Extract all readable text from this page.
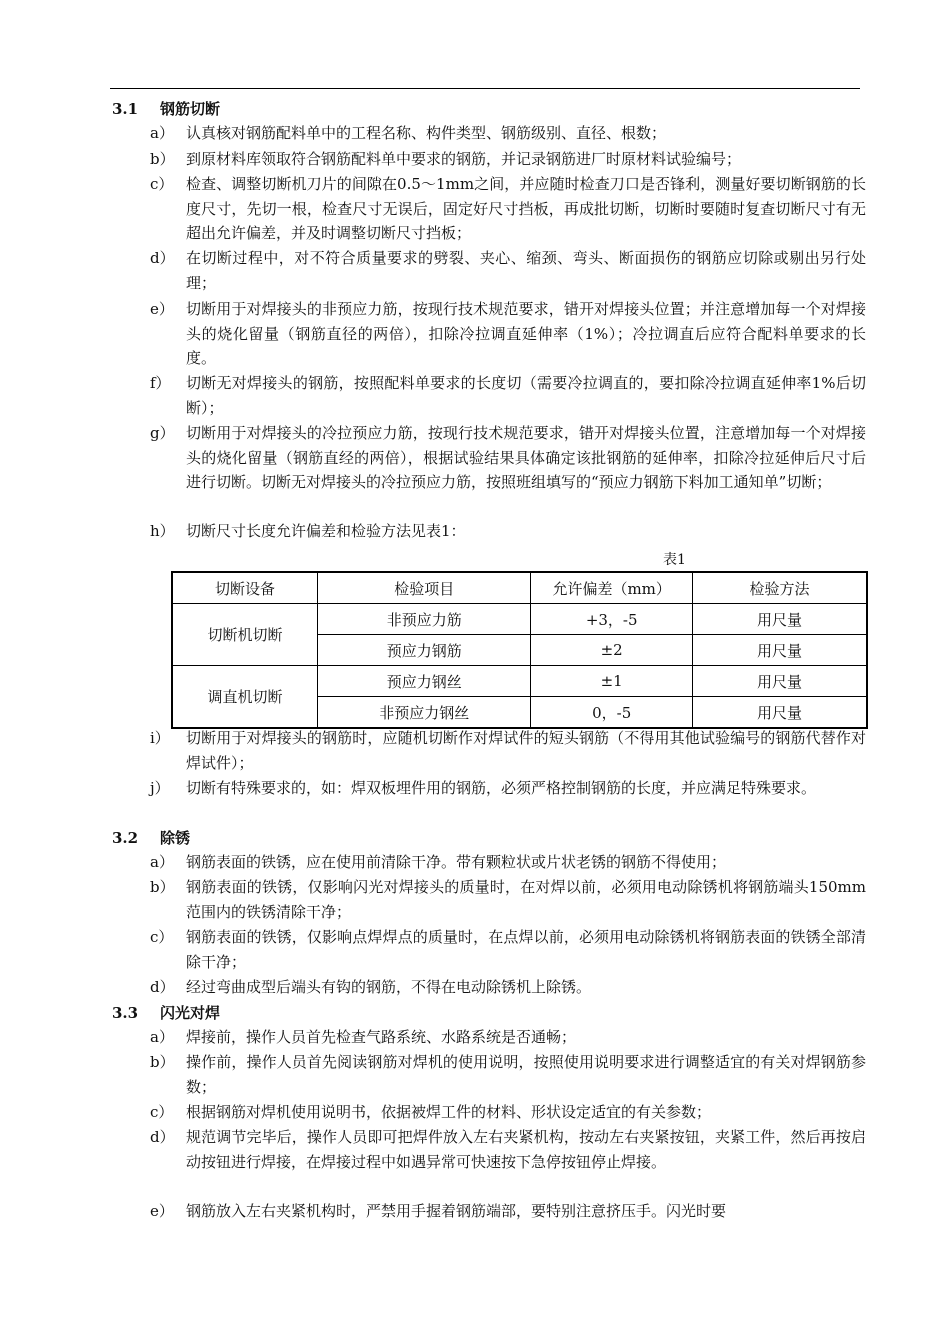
3.1 钢筋切断
a） 认真核对钢筋配料单中的工程名称、构件类型、钢筋级别、直径、根数；
b） 到原材料库领取符合钢筋配料单中要求的钢筋，并记录钢筋进厂时原材料试验编号；
c） 检查、调整切断机刀片的间隙在0.5～1mm之间，并应随时检查刀口是否锋利，测量好要切断钢筋的长度尺寸，先切一根，检查尺寸无误后，固定好尺寸挡板，再成批切断，切断时要随时复查切断尺寸有无超出允许偏差，并及时调整切断尺寸挡板；
d） 在切断过程中，对不符合质量要求的劈裂、夹心、缩颈、弯头、断面损伤的钢筋应切除或剔出另行处理；
e） 切断用于对焊接头的非预应力筋，按现行技术规范要求，错开对焊接头位置；并注意增加每一个对焊接头的烧化留量（钢筋直径的两倍），扣除冷拉调直延伸率（1%）；冷拉调直后应符合配料单要求的长度。
f）	切断无对焊接头的钢筋，按照配料单要求的长度切（需要冷拉调直的，要扣除冷拉调直延伸率1%后切断）；
g） 切断用于对焊接头的冷拉预应力筋，按现行技术规范要求，错开对焊接头位置，注意增加每一个对焊接头的烧化留量（钢筋直经的两倍），根据试验结果具体确定该批钢筋的延伸率，扣除冷拉延伸后尺寸后进行切断。切断无对焊接头的冷拉预应力筋，按照班组填写的“预应力钢筋下料加工通知单”切断；
h） 切断尺寸长度允许偏差和检验方法见表1：
表1
切断设备	检验项目	允许偏差（mm）	检验方法
切断机切断	非预应力筋	+3，-5	用尺量
	预应力钢筋	±2	用尺量
调直机切断	预应力钢丝	±1	用尺量
	非预应力钢丝	0，-5	用尺量
i）	切断用于对焊接头的钢筋时，应随机切断作对焊试件的短头钢筋（不得用其他试验编号的钢筋代替作对焊试件）；
j）	切断有特殊要求的，如：焊双板埋件用的钢筋，必须严格控制钢筋的长度，并应满足特殊要求。
3.2 除锈
a） 钢筋表面的铁锈，应在使用前清除干净。带有颗粒状或片状老锈的钢筋不得使用；
b） 钢筋表面的铁锈，仅影响闪光对焊接头的质量时，在对焊以前，必须用电动除锈机将钢筋端头150mm范围内的铁锈清除干净；
c） 钢筋表面的铁锈，仅影响点焊焊点的质量时，在点焊以前，必须用电动除锈机将钢筋表面的铁锈全部清除干净；
d） 经过弯曲成型后端头有钩的钢筋，不得在电动除锈机上除锈。
3.3 闪光对焊
a） 焊接前，操作人员首先检查气路系统、水路系统是否通畅；
b） 操作前，操作人员首先阅读钢筋对焊机的使用说明，按照使用说明要求进行调整适宜的有关对焊钢筋参数；
c） 根据钢筋对焊机使用说明书，依据被焊工件的材料、形状设定适宜的有关参数；
d） 规范调节完毕后，操作人员即可把焊件放入左右夹紧机构，按动左右夹紧按钮，夹紧工件，然后再按启动按钮进行焊接，在焊接过程中如遇异常可快速按下急停按钮停止焊接。
e） 钢筋放入左右夹紧机构时，严禁用手握着钢筋端部，要特别注意挤压手。闪光时要
